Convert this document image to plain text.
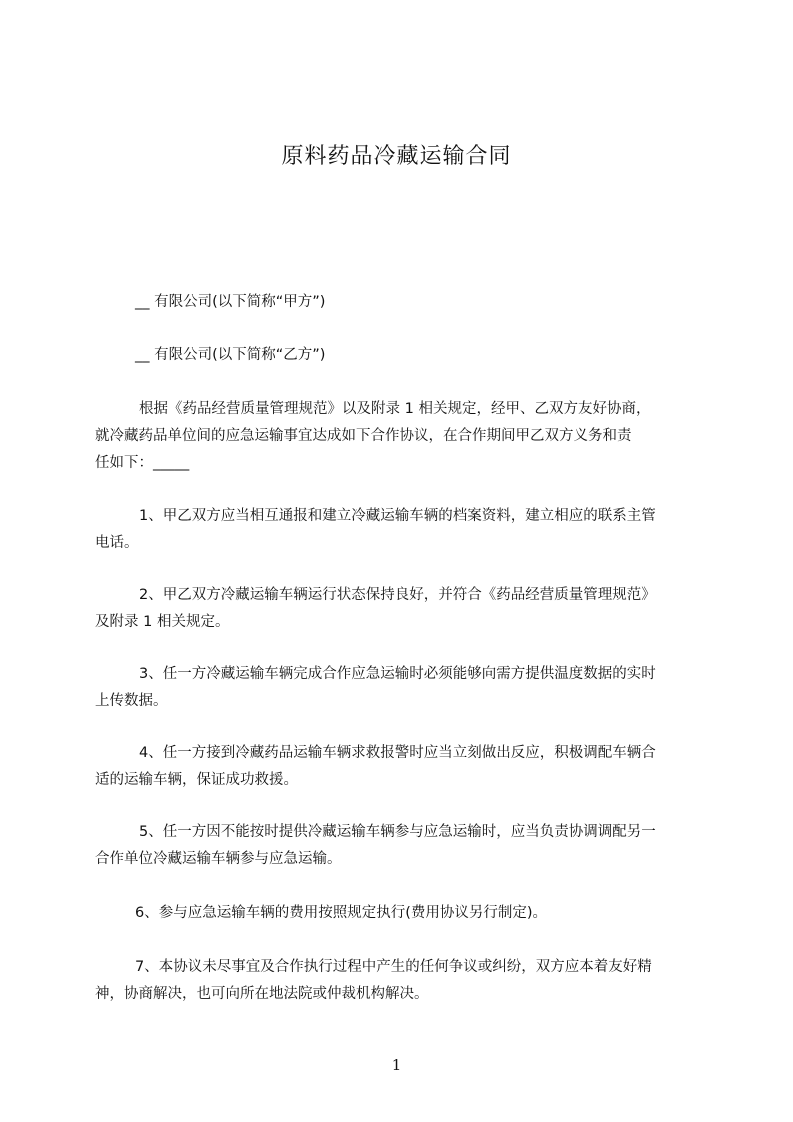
原料药品冷藏运输合同
__ 有限公司(以下简称“甲方”)
__ 有限公司(以下简称“乙方”)
根据《药品经营质量管理规范》以及附录 1 相关规定，经甲、乙双方友好协商，
就冷藏药品单位间的应急运输事宜达成如下合作协议，在合作期间甲乙双方义务和责
任如下：_____
1、甲乙双方应当相互通报和建立冷藏运输车辆的档案资料，建立相应的联系主管
电话。
2、甲乙双方冷藏运输车辆运行状态保持良好，并符合《药品经营质量管理规范》
及附录 1 相关规定。
3、任一方冷藏运输车辆完成合作应急运输时必须能够向需方提供温度数据的实时
上传数据。
4、任一方接到冷藏药品运输车辆求救报警时应当立刻做出反应，积极调配车辆合
适的运输车辆，保证成功救援。
5、任一方因不能按时提供冷藏运输车辆参与应急运输时，应当负责协调调配另一
合作单位冷藏运输车辆参与应急运输。
6、参与应急运输车辆的费用按照规定执行(费用协议另行制定)。
7、本协议未尽事宜及合作执行过程中产生的任何争议或纠纷，双方应本着友好精
神，协商解决，也可向所在地法院或仲裁机构解决。
1
